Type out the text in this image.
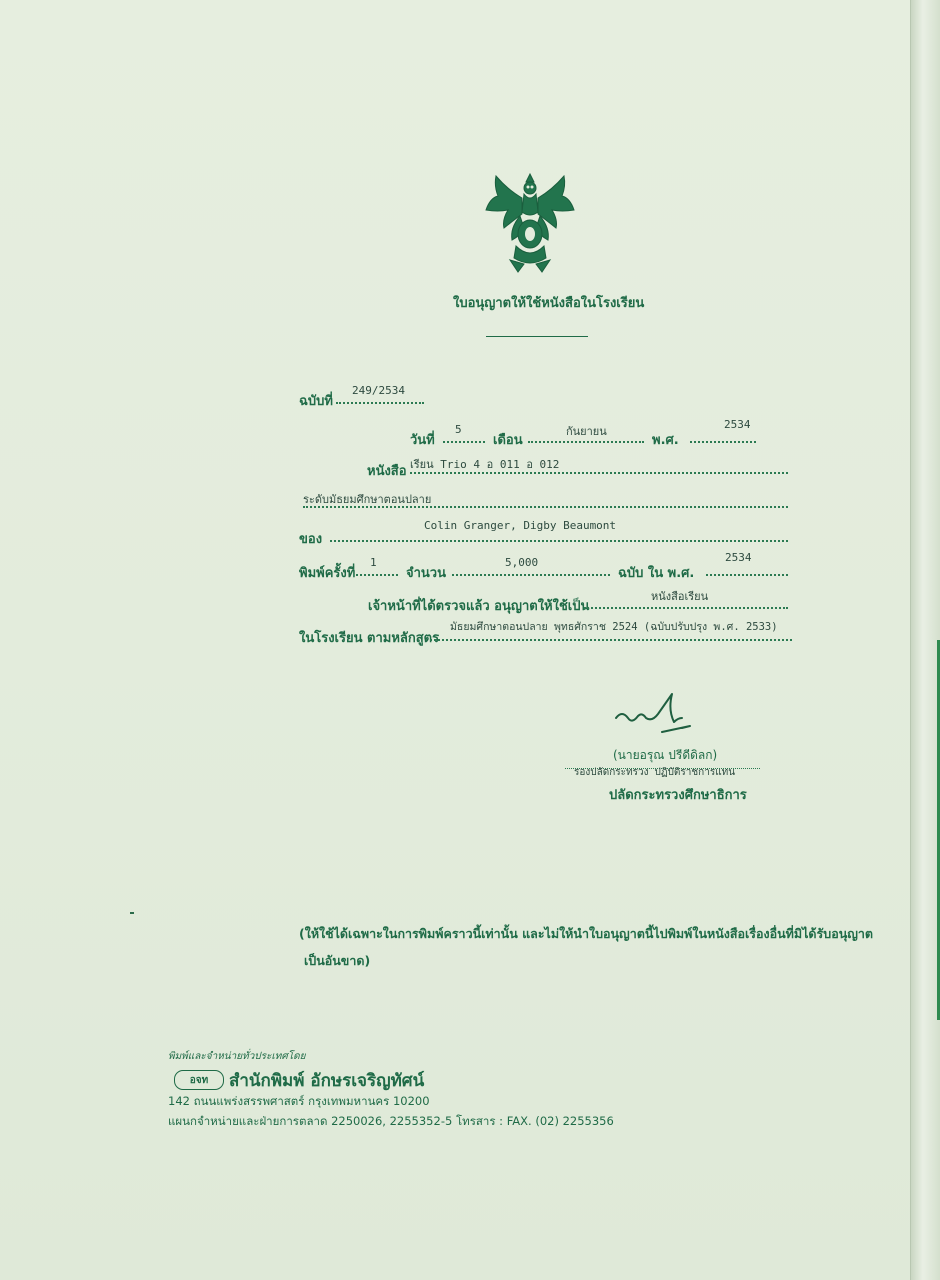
ใบอนุญาตให้ใช้หนังสือในโรงเรียน
ฉบับที่
249/2534
วันที่
5
เดือน
กันยายน
พ.ศ.
2534
หนังสือ เรียน Trio 4 อ 011 อ 012
ระดับมัธยมศึกษาตอนปลาย
ของ
Colin Granger, Digby Beaumont
พิมพ์ครั้งที่
1
จำนวน
5,000
ฉบับ ใน พ.ศ.
2534
เจ้าหน้าที่ได้ตรวจแล้ว อนุญาตให้ใช้เป็น
หนังสือเรียน
ในโรงเรียน ตามหลักสูตร
มัธยมศึกษาตอนปลาย พุทธศักราช 2524 (ฉบับปรับปรุง พ.ศ. 2533)
(นายอรุณ ปรีดีดิลก)
รองปลัดกระทรวง ปฏิบัติราชการแทน
ปลัดกระทรวงศึกษาธิการ
(ให้ใช้ได้เฉพาะในการพิมพ์คราวนี้เท่านั้น และไม่ให้นำใบอนุญาตนี้ไปพิมพ์ในหนังสือเรื่องอื่นที่มิได้รับอนุญาต
เป็นอันขาด)
พิมพ์และจำหน่ายทั่วประเทศโดย
อจท สำนักพิมพ์ อักษรเจริญทัศน์
142 ถนนแพร่งสรรพศาสตร์ กรุงเทพมหานคร 10200
แผนกจำหน่ายและฝ่ายการตลาด 2250026, 2255352-5 โทรสาร : FAX. (02) 2255356
